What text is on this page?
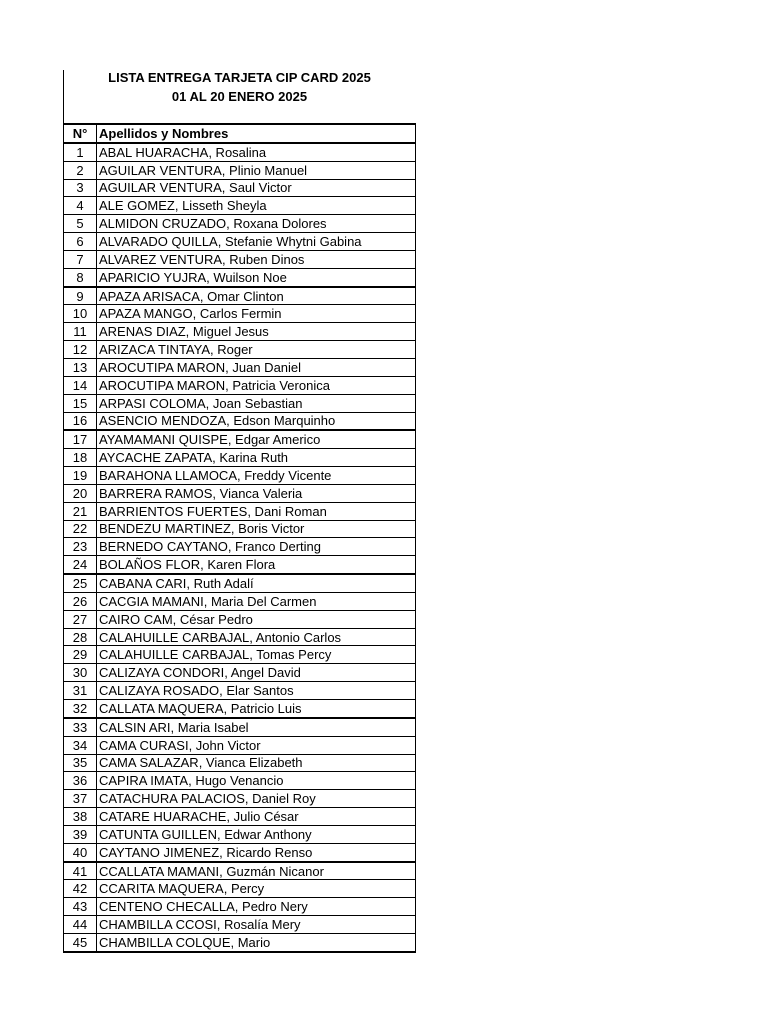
LISTA ENTREGA TARJETA CIP CARD 2025
01 AL 20 ENERO 2025
N°	Apellidos y Nombres
1	ABAL HUARACHA, Rosalina
2	AGUILAR VENTURA, Plinio Manuel
3	AGUILAR VENTURA, Saul Victor
4	ALE GOMEZ, Lisseth Sheyla
5	ALMIDON CRUZADO, Roxana Dolores
6	ALVARADO QUILLA, Stefanie Whytni Gabina
7	ALVAREZ VENTURA, Ruben Dinos
8	APARICIO YUJRA, Wuilson Noe
9	APAZA ARISACA, Omar Clinton
10	APAZA MANGO, Carlos Fermin
11	ARENAS DIAZ, Miguel Jesus
12	ARIZACA TINTAYA, Roger
13	AROCUTIPA MARON, Juan Daniel
14	AROCUTIPA MARON, Patricia Veronica
15	ARPASI COLOMA, Joan Sebastian
16	ASENCIO MENDOZA, Edson Marquinho
17	AYAMAMANI QUISPE, Edgar Americo
18	AYCACHE ZAPATA, Karina Ruth
19	BARAHONA LLAMOCA, Freddy Vicente
20	BARRERA RAMOS, Vianca Valeria
21	BARRIENTOS FUERTES, Dani Roman
22	BENDEZU MARTINEZ, Boris Victor
23	BERNEDO CAYTANO, Franco Derting
24	BOLAÑOS FLOR, Karen Flora
25	CABANA CARI, Ruth Adalí
26	CACGIA MAMANI, Maria Del Carmen
27	CAIRO CAM, César Pedro
28	CALAHUILLE CARBAJAL, Antonio Carlos
29	CALAHUILLE CARBAJAL, Tomas Percy
30	CALIZAYA CONDORI, Angel David
31	CALIZAYA ROSADO, Elar Santos
32	CALLATA MAQUERA, Patricio Luis
33	CALSIN ARI, Maria Isabel
34	CAMA CURASI, John Victor
35	CAMA SALAZAR, Vianca Elizabeth
36	CAPIRA IMATA, Hugo Venancio
37	CATACHURA PALACIOS, Daniel Roy
38	CATARE HUARACHE, Julio César
39	CATUNTA GUILLEN, Edwar Anthony
40	CAYTANO JIMENEZ, Ricardo Renso
41	CCALLATA MAMANI, Guzmán Nicanor
42	CCARITA MAQUERA, Percy
43	CENTENO CHECALLA, Pedro Nery
44	CHAMBILLA CCOSI, Rosalía Mery
45	CHAMBILLA COLQUE, Mario
